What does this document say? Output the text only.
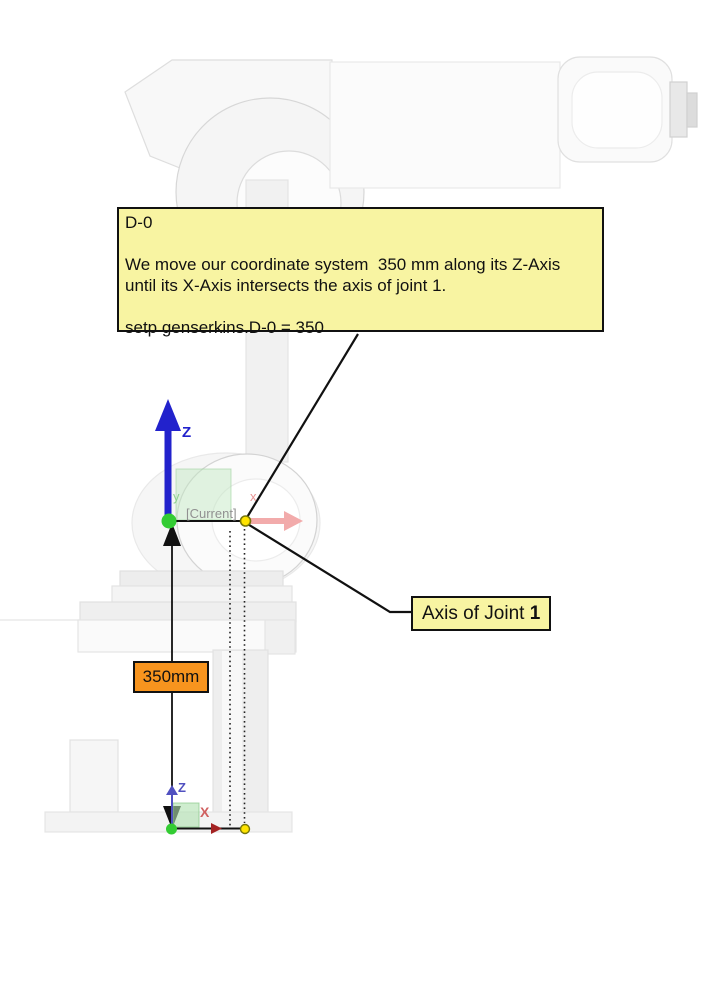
D-0

We move our coordinate system  350 mm along its Z-Axis until its X-Axis intersects the axis of joint 1.

setp genserkins.D-0 = 350

Axis of Joint 1
350mm
[Current]
Z
y	x
Z
X
